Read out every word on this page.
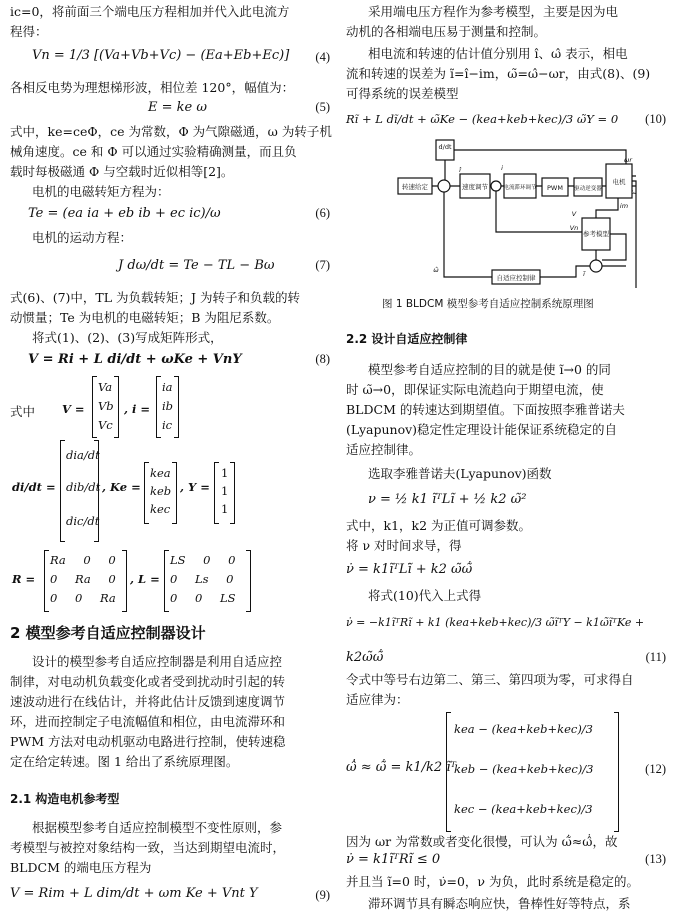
ic=0，将前面三个端电压方程相加并代入此电流方
程得：
Vn = 1/3 [(Va+Vb+Vc) − (Ea+Eb+Ec)] (4)
各相反电势为理想梯形波，相位差 120°，幅值为：
E = ke ω	(5)
式中，ke=ceΦ，ce 为常数，Φ 为气隙磁通，ω 为转子机
械角速度。ce 和 Φ 可以通过实验精确测量，而且负
载时每极磁通 Φ 与空载时近似相等[2]。
电机的电磁转矩方程为：
Te = (ea ia + eb ib + ec ic)/ω	(6)
电机的运动方程：
J dω/dt = Te − TL − Bω	(7)
式(6)、(7)中，TL 为负载转矩；J 为转子和负载的转
动惯量；Te 为电机的电磁转矩；B 为阻尼系数。
将式(1)、(2)、(3)写成矩阵形式，
V = Ri + L di/dt + ωKe + VnY	(8)
式中 V =
Va
Vb
Vc
, i =
ia
ib
ic
di/dt =
dia/dt
dib/dt
dic/dt
, Ke =
kea
keb
kec
, Y =
1
1
1
R =
Ra 0 0
0 Ra 0
0 0 Ra
, L =
LS 0 0
0 Ls 0
0 0 LS
2 模型参考自适应控制器设计
设计的模型参考自适应控制器是利用自适应控
制律，对电动机负载变化或者受到扰动时引起的转
速波动进行在线估计，并将此估计反馈到速度调节
环，进而控制定子电流幅值和相位，由电流滞环和
PWM 方法对电动机驱动电路进行控制，使转速稳
定在给定转速。图 1 给出了系统原理图。
2.1 构造电机参考型
根据模型参考自适应控制模型不变性原则，参
考模型与被控对象结构一致，当达到期望电流时，
BLDCM 的端电压方程为
V = Rim + L dim/dt + ωm Ke + Vnt Y	(9)
采用端电压方程作为参考模型，主要是因为电
动机的各相端电压易于测量和控制。
相电流和转速的估计值分别用 î、ω̂ 表示，相电
流和转速的误差为 ĩ=î−im，ω̃=ω̂−ωr，由式(8)、(9)
可得系统的误差模型
Rĩ + L dĩ/dt + ω̃Ke − (kea+keb+kec)/3 ω̃Y = 0 (10)
d/dt
转速给定	速度调节	电流滞环调节 PWM 驱动逆变器
电机
参考模型
自适应控制律
i
im
ωr
ω
î
ω̂
Vn
V
ĩ
图 1 BLDCM 模型参考自适应控制系统原理图
2.2 设计自适应控制律
模型参考自适应控制的目的就是使 ĩ→0 的同
时 ω̃→0，即保证实际电流趋向于期望电流，使
BLDCM 的转速达到期望值。下面按照李雅普诺夫
(Lyapunov)稳定性定理设计能保证系统稳定的自
适应控制律。
选取李雅普诺夫(Lyapunov)函数
ν = ½ k1 ĩᵀLĩ + ½ k2 ω̃²
式中，k1，k2 为正值可调参数。
将 ν 对时间求导，得
ν̇ = k1ĩᵀLĩ̇ + k2 ω̃ω̃̇
将式(10)代入上式得
ν̇ = −k1ĩᵀRĩ + k1 (kea+keb+kec)/3 ω̃ĩᵀY − k1ω̃ĩᵀKe +
k2ω̃ω̃̇	(11)
令式中等号右边第二、第三、第四项为零，可求得自
适应律为：
ω̂̇ ≈ ω̃̇ = k1/k2 ĩᵀ
kea − (kea+keb+kec)/3
keb − (kea+keb+kec)/3
kec − (kea+keb+kec)/3
(12)
因为 ωr 为常数或者变化很慢，可认为 ω̃̇≈ω̂̇，故
ν̇ = k1ĩᵀRĩ ≤ 0	(13)
并且当 ĩ=0 时，ν̇=0，ν 为负，此时系统是稳定的。
滞环调节具有瞬态响应快，鲁棒性好等特点，系
